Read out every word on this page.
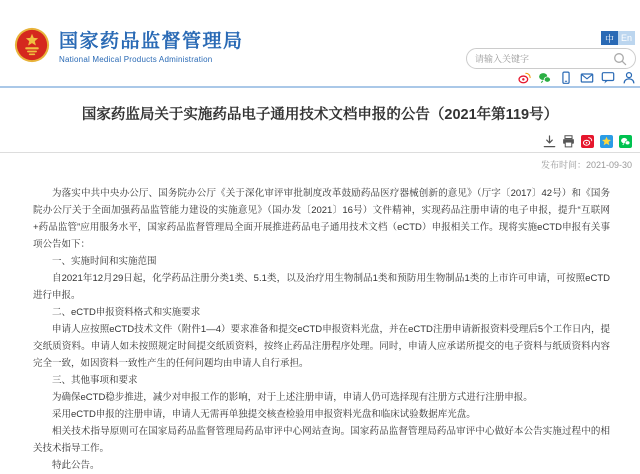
国家药品监督管理局
National Medical Products Administration
中 En
请输入关键字
国家药监局关于实施药品电子通用技术文档申报的公告（2021年第119号）
发布时间：2021-09-30

为落实中共中央办公厅、国务院办公厅《关于深化审评审批制度改革鼓励药品医疗器械创新的意见》（厅字〔2017〕42号）和《国务院办公厅关于全面加强药品监管能力建设的实施意见》（国办发〔2021〕16号）文件精神，实现药品注册申请的电子申报，提升“互联网+药品监管”应用服务水平，国家药品监督管理局全面开展推进药品电子通用技术文档（eCTD）申报相关工作。现将实施eCTD申报有关事项公告如下：

一、实施时间和实施范围

自2021年12月29日起，化学药品注册分类1类、5.1类，以及治疗用生物制品1类和预防用生物制品1类的上市许可申请，可按照eCTD进行申报。

二、eCTD申报资料格式和实施要求

申请人应按照eCTD技术文件（附件1—4）要求准备和提交eCTD申报资料光盘，并在eCTD注册申请新报资料受理后5个工作日内，提交纸质资料。申请人如未按照规定时间提交纸质资料，按终止药品注册程序处理。同时，申请人应承诺所提交的电子资料与纸质资料内容完全一致，如因资料一致性产生的任何问题均由申请人自行承担。

三、其他事项和要求

为确保eCTD稳步推进，减少对申报工作的影响，对于上述注册申请，申请人仍可选择现有注册方式进行注册申报。

采用eCTD申报的注册申请，申请人无需再单独提交核查检验用申报资料光盘和临床试验数据库光盘。

相关技术指导原则可在国家局药品监督管理局药品审评中心网站查询。国家药品监督管理局药品审评中心做好本公告实施过程中的相关技术指导工作。

特此公告。
